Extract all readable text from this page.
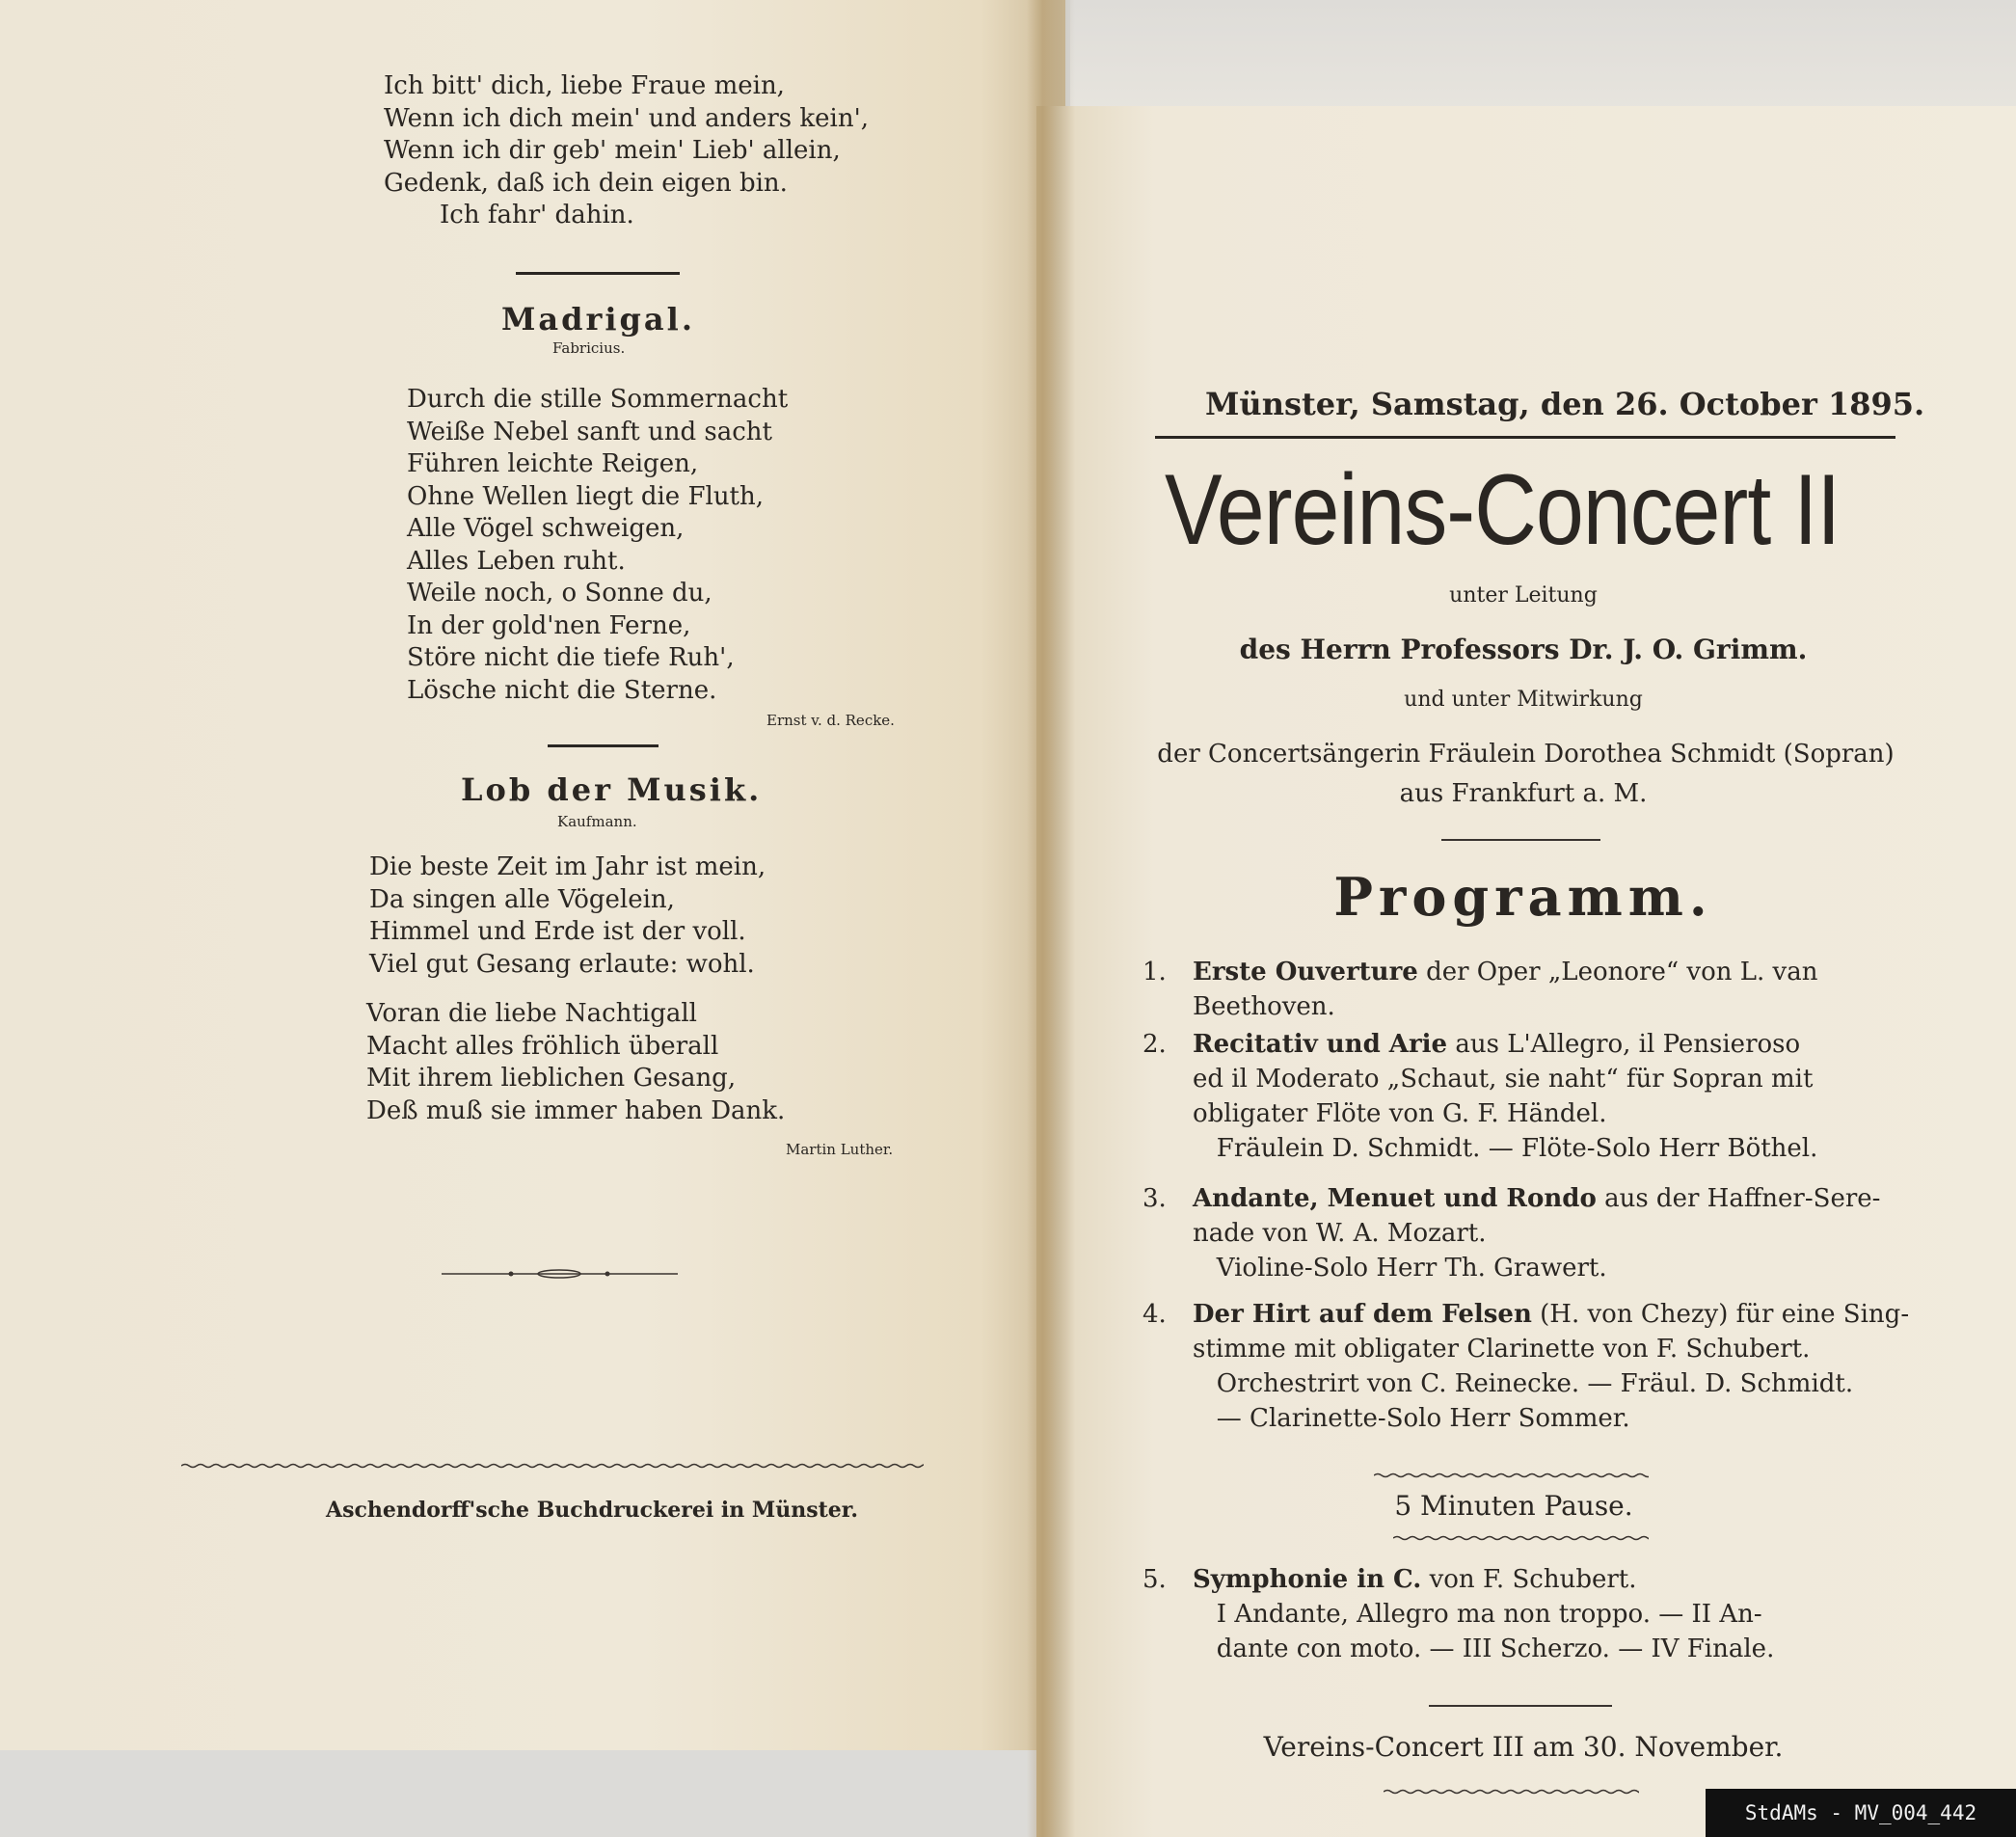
Ich bitt' dich, liebe Fraue mein,
Wenn ich dich mein' und anders kein',
Wenn ich dir geb' mein' Lieb' allein,
Gedenk, daß ich dein eigen bin.
Ich fahr' dahin.
Madrigal.
Fabricius.
Durch die stille Sommernacht
Weiße Nebel sanft und sacht
Führen leichte Reigen,
Ohne Wellen liegt die Fluth,
Alle Vögel schweigen,
Alles Leben ruht.
Weile noch, o Sonne du,
In der gold'nen Ferne,
Störe nicht die tiefe Ruh',
Lösche nicht die Sterne.
Ernst v. d. Recke.
Lob der Musik.
Kaufmann.
Die beste Zeit im Jahr ist mein,
Da singen alle Vögelein,
Himmel und Erde ist der voll.
Viel gut Gesang erlaute: wohl.
Voran die liebe Nachtigall
Macht alles fröhlich überall
Mit ihrem lieblichen Gesang,
Deß muß sie immer haben Dank.
Martin Luther.
Aschendorff'sche Buchdruckerei in Münster.
Münster, Samstag, den 26. October 1895.
Vereins-Concert II
unter Leitung
des Herrn Professors Dr. J. O. Grimm.
und unter Mitwirkung
der Concertsängerin Fräulein Dorothea Schmidt (Sopran)
aus Frankfurt a. M.
Programm.
1. Erste Ouverture der Oper „Leonore“ von L. van
Beethoven.
2. Recitativ und Arie aus L'Allegro, il Pensieroso
ed il Moderato „Schaut, sie naht“ für Sopran mit
obligater Flöte von G. F. Händel.
Fräulein D. Schmidt. — Flöte-Solo Herr Böthel.
3. Andante, Menuet und Rondo aus der Haffner-Sere-
nade von W. A. Mozart.
Violine-Solo Herr Th. Grawert.
4. Der Hirt auf dem Felsen (H. von Chezy) für eine Sing-
stimme mit obligater Clarinette von F. Schubert.
Orchestrirt von C. Reinecke. — Fräul. D. Schmidt.
— Clarinette-Solo Herr Sommer.
5 Minuten Pause.
5. Symphonie in C. von F. Schubert.
I Andante, Allegro ma non troppo. — II An-
dante con moto. — III Scherzo. — IV Finale.
Vereins-Concert III am 30. November.
StdAMs - MV_004_442
